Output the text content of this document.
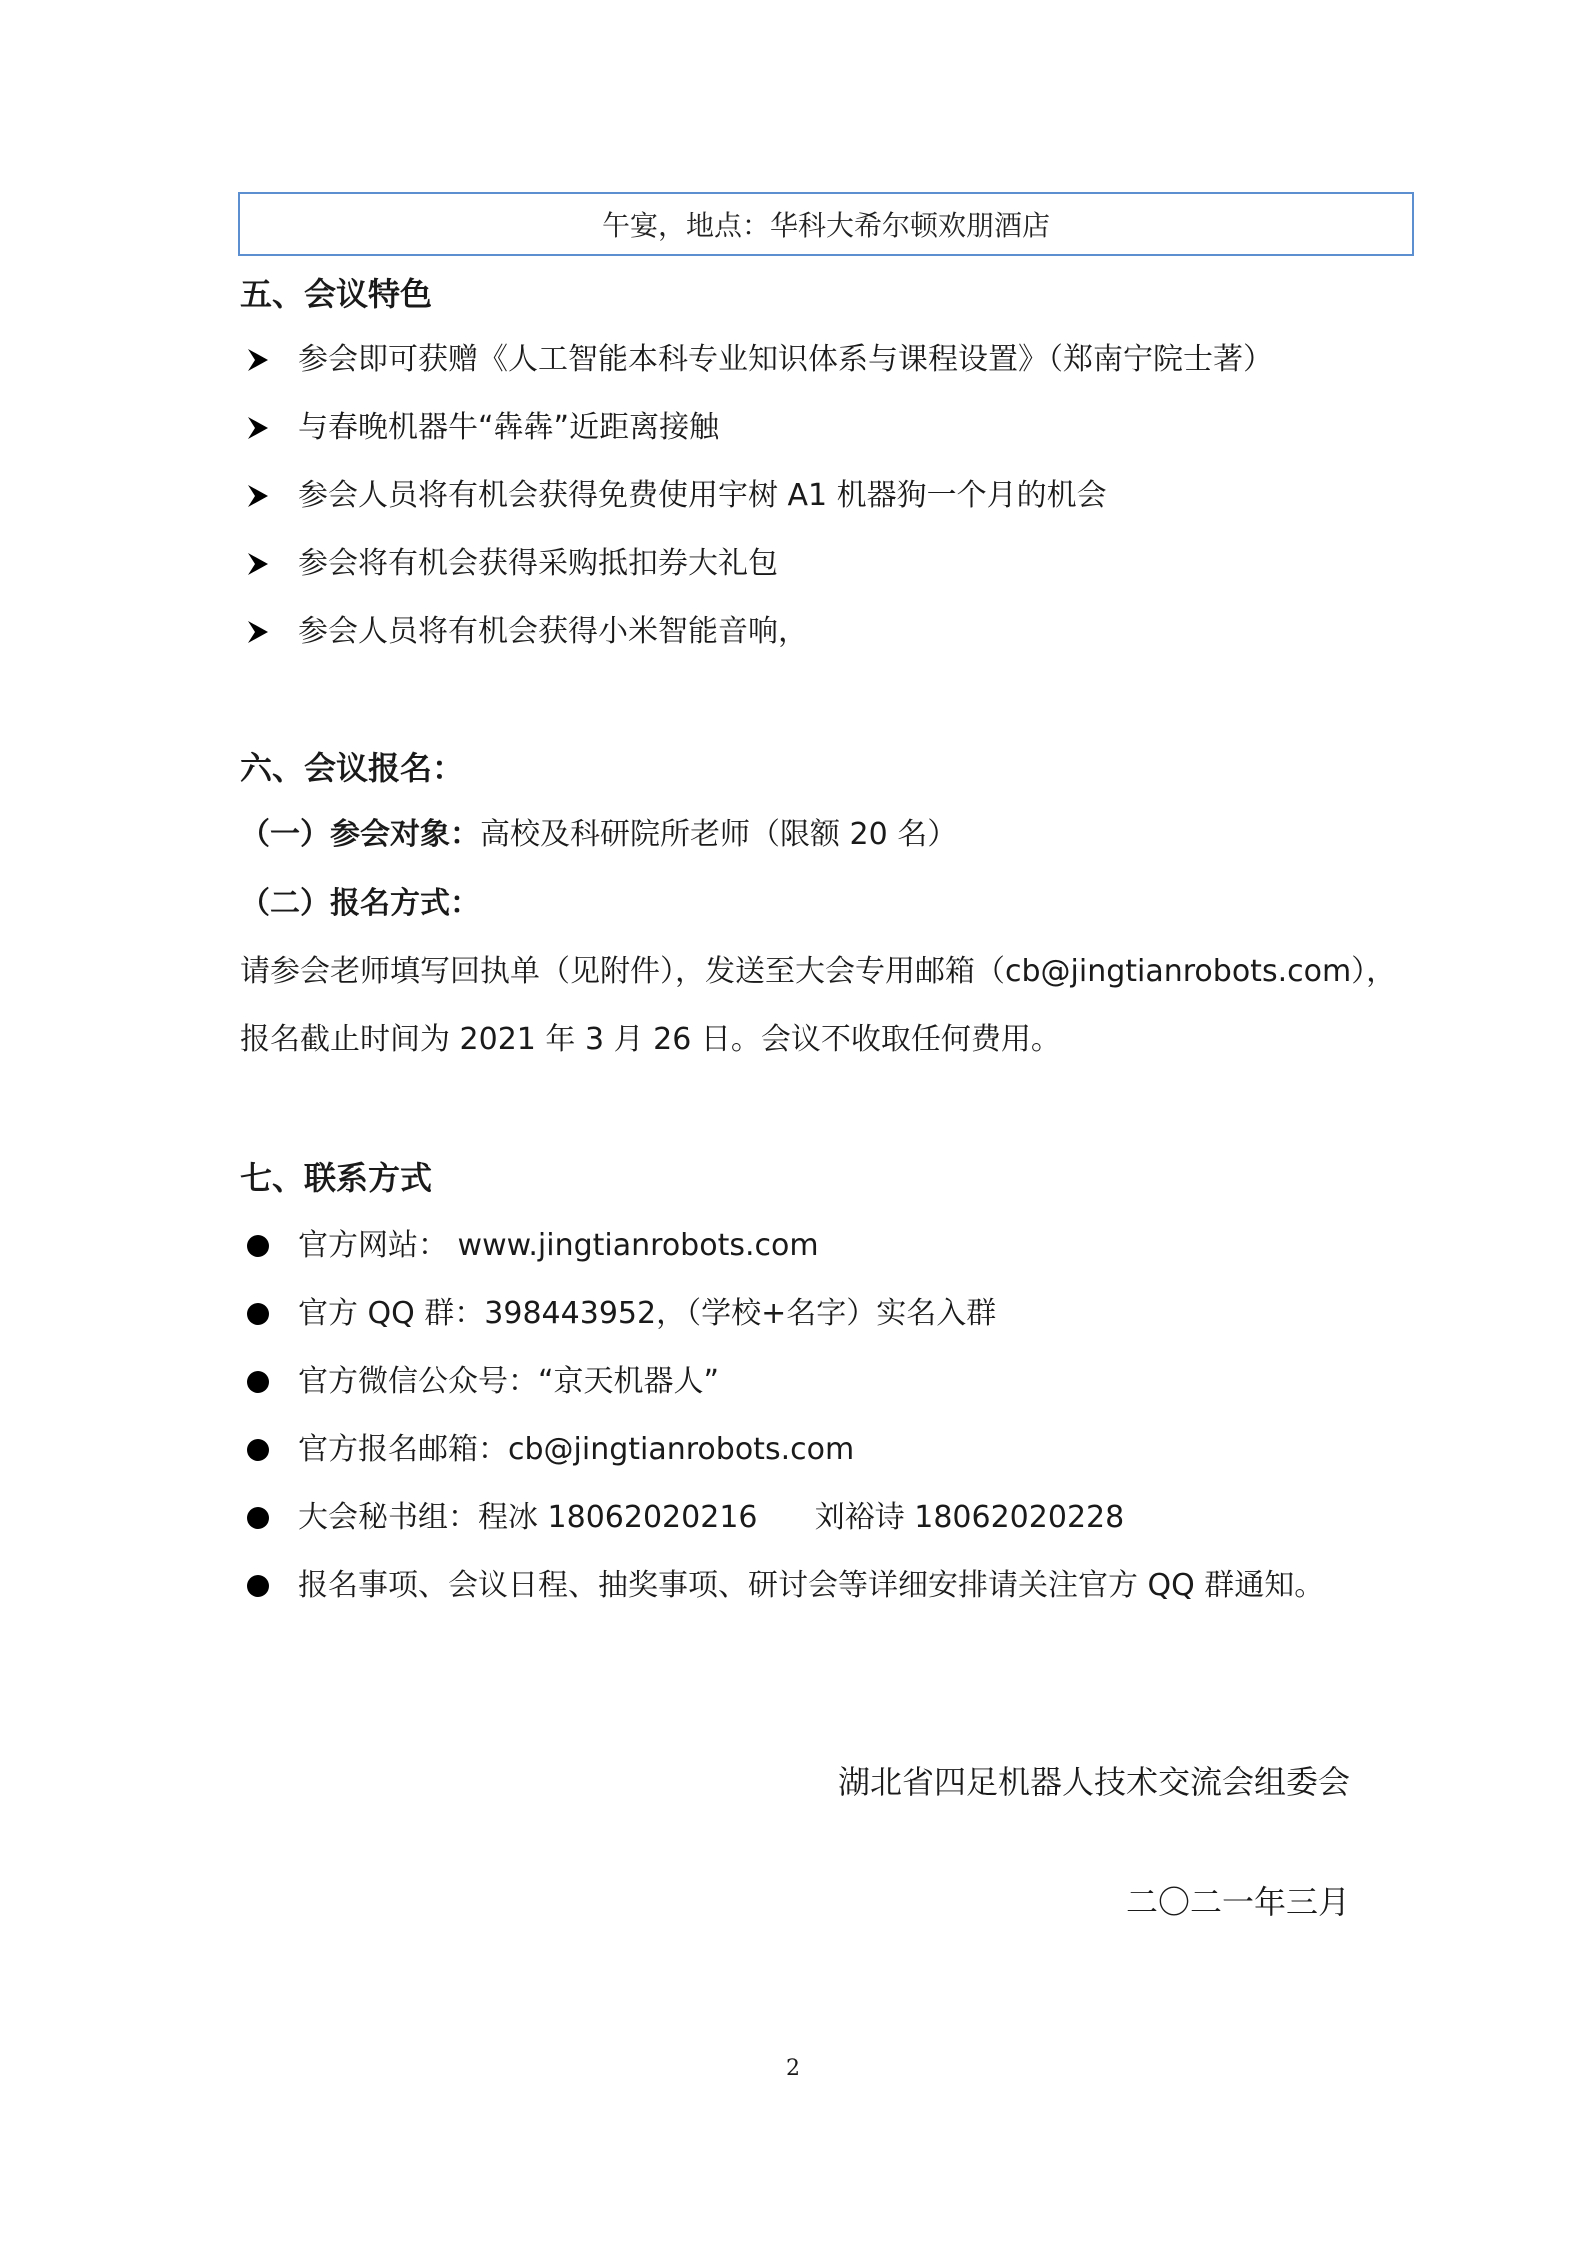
午宴，地点：华科大希尔顿欢朋酒店
五、会议特色
参会即可获赠《人工智能本科专业知识体系与课程设置》（郑南宁院士著）
与春晚机器牛“犇犇”近距离接触
参会人员将有机会获得免费使用宇树 A1 机器狗一个月的机会
参会将有机会获得采购抵扣券大礼包
参会人员将有机会获得小米智能音响，
六、会议报名：
（一）参会对象：高校及科研院所老师（限额 20 名）
（二）报名方式：
请参会老师填写回执单（见附件），发送至大会专用邮箱（cb@jingtianrobots.com），
报名截止时间为 2021 年 3 月 26 日。会议不收取任何费用。
七、联系方式
官方网站： www.jingtianrobots.com
官方 QQ 群：398443952，（学校+名字）实名入群
官方微信公众号：“京天机器人”
官方报名邮箱：cb@jingtianrobots.com
大会秘书组：程冰 18062020216      刘裕诗 18062020228
报名事项、会议日程、抽奖事项、研讨会等详细安排请关注官方 QQ 群通知。
湖北省四足机器人技术交流会组委会
二〇二一年三月
2
